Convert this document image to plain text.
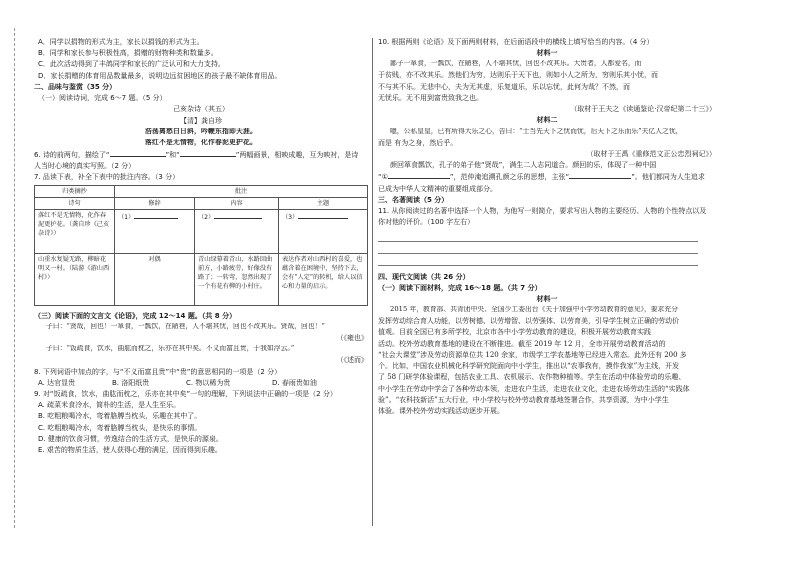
A．同学以捐物的形式为主，家长以捐钱的形式为主。
B．同学和家长参与积极性高，捐赠的财物种类和数量多。
C．此次活动得到了丰鸽同学和家长的广泛认可和大力支持。
D．家长捐赠的体育用品数量最多，说明边远贫困地区的孩子最不缺体育用品。
二、品味与鉴赏（35 分）
（一）阅读诗词，完成 6～7 题。（5 分）
己亥杂诗（其五）
【清】龚自珍
浩荡离愁白日斜，吟鞭东指即天涯。
落红不是无情物，化作春泥更护花。
6. 诗的前两句，描绘了“	”和“	”两幅画景，相映成趣，互为映衬，是诗
人当时心境的真实写照。（2 分）
7. 品读下表，补全下表中的批注内容。（3 分）
归类摘抄	批注		
诗句	修辞	内容	主题
落红不是无情物，化作春泥更护花。（龚自珍《己亥杂诗》）	（1）	（2）	（3）
山重水复疑无路，柳暗花明又一村。（陆游《游山西村》）	对偶	青山绿幕着青山，水路回曲前方，小路疲劳，好像没有路了；一转弯，忽然出现了一个有花有柳的小村庄。	表达作者对山西村的喜爱，也蕴含着在困境中，坚持下去，会有“人定”的转机，给人以信心和力量的启示。
（三）阅读下面的文言文《论语》，完成 12～14 题。（共 8 分）
子曰：“贤哉，回也！一箪食，一瓢饮，在陋巷，人不堪其忧，回也不改其乐。贤哉，回也！”
（《雍也》
子曰：“饭疏食，饮水，曲肱而枕之，乐亦在其中矣。不义而富且贵，于我如浮云。”
（《述而》
8. 下列词语中加点的字，与“不义而富且贵”中“贵”的意思相同的一项是（2 分）
A. 达官显贵	B. 洛阳纸贵	C. 物以稀为贵	D. 春雨贵如油
9. 对“饭疏食，饮水，曲肱而枕之，乐亦在其中矣”一句的理解，下列说法中正确的一项是（2 分）
A. 疏菜米食冷水，简朴的生活，是人生至乐。
B. 吃粗粮喝冷水，弯着胳膊当枕头，乐趣在其中了。
C. 吃粗粮喝冷水，弯着胳膊当枕头，是快乐的事情。
D. 健康的饮食习惯，劳逸结合的生活方式，是快乐的源泉。
E. 艰苦的物质生活，使人获得心理的满足，因而得到乐趣。
10. 根据两则《论语》及下面两则材料，在后面语段中的横线上填写恰当的内容。（4 分）
材料一
鄙子一箪食，一瓢饮，在陋巷，人不堪其忧，回也不改其乐。大贵者，人都爱名，而
于贫贱，亦不改其乐。然他们为穷，达则乐于天下也，则如小人之所为，穷则乐其小忧，而
不与其不乐。无悲中心，夫为无其虚，乐复道乐，乐以忘忧，此何为哉？不然，而
无忧乐。无不用到富贵致我之也。
（取材于王夫之《读通鉴论·汉帝纪第二十三》）
材料二
噫，公私皇皇，已有所得大乐之心，告曰：“士当先天下之忧而忧，后天下之乐而乐”夫亿人之忧，
而是 有为之身，然后乎。
（取材于王禹《重修范文正公忠烈祠记》）
颜回箪食瓢饮，孔子的弟子他“贤哉”，满生二人志同道合。颜回的乐，体现了一种中国
“①	”，范仲淹追溯孔颜之乐的思想，主张“	”。他们都同为人生追求
已成为中华人文精神的重要组成部分。
三、名著阅读（5 分）
11. 从你阅读过的名著中选择一个人物，为他写一则简介，要求写出人物的主要经历、人物的个性特点以及
你对他的评价。（100 字左右）
四、现代文阅读（共 26 分）
（一）阅读下面材料，完成 16～18 题。（共 7 分）
材料一
2015 年，教育部、共青团中央、全国少工委出台《关于加强中小学劳动教育的意见》，要求充分
发挥劳动综合育人功能，以劳树德、以劳增智、以劳强体、以劳育美，引导学生树立正确的劳动价
值观。目前全国已有多所学校，北京市各中小学劳动教育的建设，积极开展劳动教育实践
活动。校外劳动教育基地的建设在不断推进。截至 2019 年 12 月，全市开展劳动教育活动的
“社会大课堂”涉及劳动资源单位共 120 余家，市级学工学农基地等已经进入常态。此外还有 200 多
个。比如，中国农业机械化科学研究院面向中小学生，推出以“农事我有，摸作我家”为主线，开发
了 58 门研学体验课程，包括农业工具、农机展示、农作物种植等。学生在活动中体验劳动的乐趣、
中小学生在劳动中学会了各种劳动本领，走进农户生活，走进农业文化，走进农场劳动生活的“实践体
验”。“农科技新活”五大行业，中小学校与校外劳动教育基地签署合作，共享资源，为中小学生
体验。课外校外劳动实践活动逐步开展。
